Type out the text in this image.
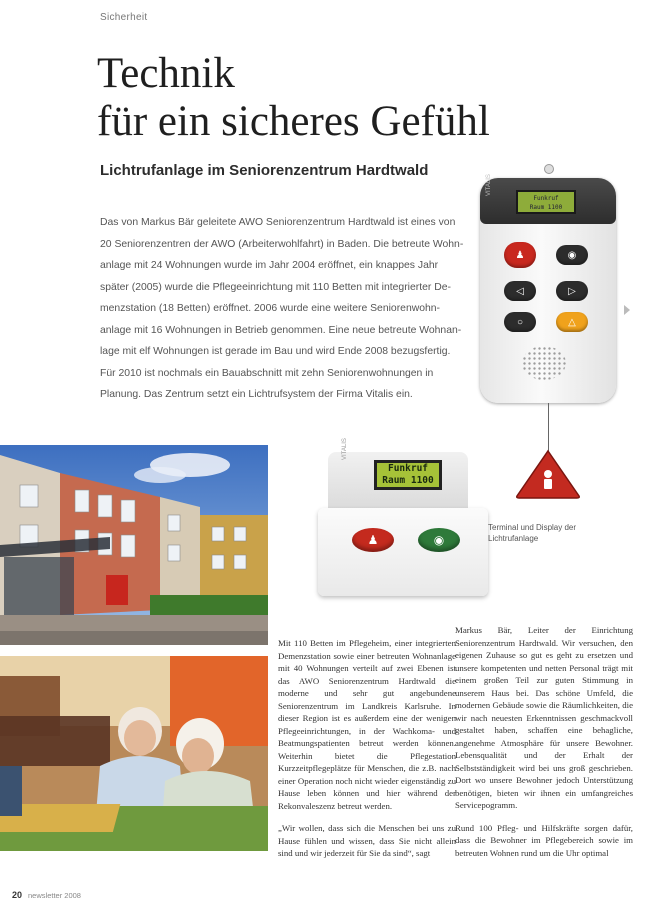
Sicherheit
Technik
für ein sicheres Gefühl
Lichtrufanlage im Seniorenzentrum Hardtwald

Das von Markus Bär geleitete AWO Seniorenzentrum Hardtwald ist eines von

20 Seniorenzentren der AWO (Arbeiterwohlfahrt) in Baden. Die betreute Wohn-

anlage mit 24 Wohnungen wurde im Jahr 2004 eröffnet, ein knappes Jahr

später (2005) wurde die Pflegeeinrichtung mit 110 Betten mit integrierter De-

menzstation (18 Betten) eröffnet. 2006 wurde eine weitere Seniorenwohn-

anlage mit 16 Wohnungen in Betrieb genommen. Eine neue betreute Wohnan-

lage mit elf Wohnungen ist gerade im Bau und wird Ende 2008 bezugsfertig.

Für 2010 ist nochmals ein Bauabschnitt mit zehn Seniorenwohnungen in

Planung. Das Zentrum setzt ein Lichtrufsystem der Firma Vitalis ein.

VITALIS
Funkruf
Raum 1100
♟	◉
◁	▷
○	△
VITALIS
Funkruf
Raum 1100
♟	◉
Terminal und Display der
Lichtrufanlage

Mit 110 Betten im Pflegeheim, einer integrierten Demenzstation sowie einer betreuten Wohnanlage mit 40 Wohnungen verteilt auf zwei Ebenen ist das AWO Seniorenzentrum Hardtwald die moderne und sehr gut angebundene Seniorenzentrum im Landkreis Karlsruhe. In dieser Region ist es außerdem eine der wenigen Pflegeeinrichtungen, in der Wachkoma- und Beatmungspatienten betreut werden können. Weiterhin bietet die Pflegestation Kurzzeitpflegeplätze für Menschen, die z.B. nach einer Operation noch nicht wieder eigenständig zu Hause leben können und hier während der Rekonvaleszenz betreut werden.

„Wir wollen, dass sich die Menschen bei uns zu Hause fühlen und wissen, dass Sie nicht allein sind und wir jederzeit für Sie da sind“, sagt

Markus Bär, Leiter der Einrichtung Seniorenzentrum Hardtwald. Wir versuchen, den eigenen Zuhause so gut es geht zu ersetzen und unsere kompetenten und netten Personal trägt mit einem großen Teil zur guten Stimmung in unserem Haus bei. Das schöne Umfeld, die modernen Gebäude sowie die Räumlichkeiten, die wir nach neuesten Erkenntnissen geschmackvoll gestaltet haben, schaffen eine behagliche, angenehme Atmosphäre für unsere Bewohner. Lebensqualität und der Erhalt der Selbstständigkeit wird bei uns groß geschrieben. Dort wo unsere Bewohner jedoch Unterstützung benötigen, bieten wir ihnen ein umfangreiches Servicepogramm.

Rund 100 Pfleg- und Hilfskräfte sorgen dafür, dass die Bewohner im Pflegebereich sowie im betreuten Wohnen rund um die Uhr optimal

20 newsletter 2008
